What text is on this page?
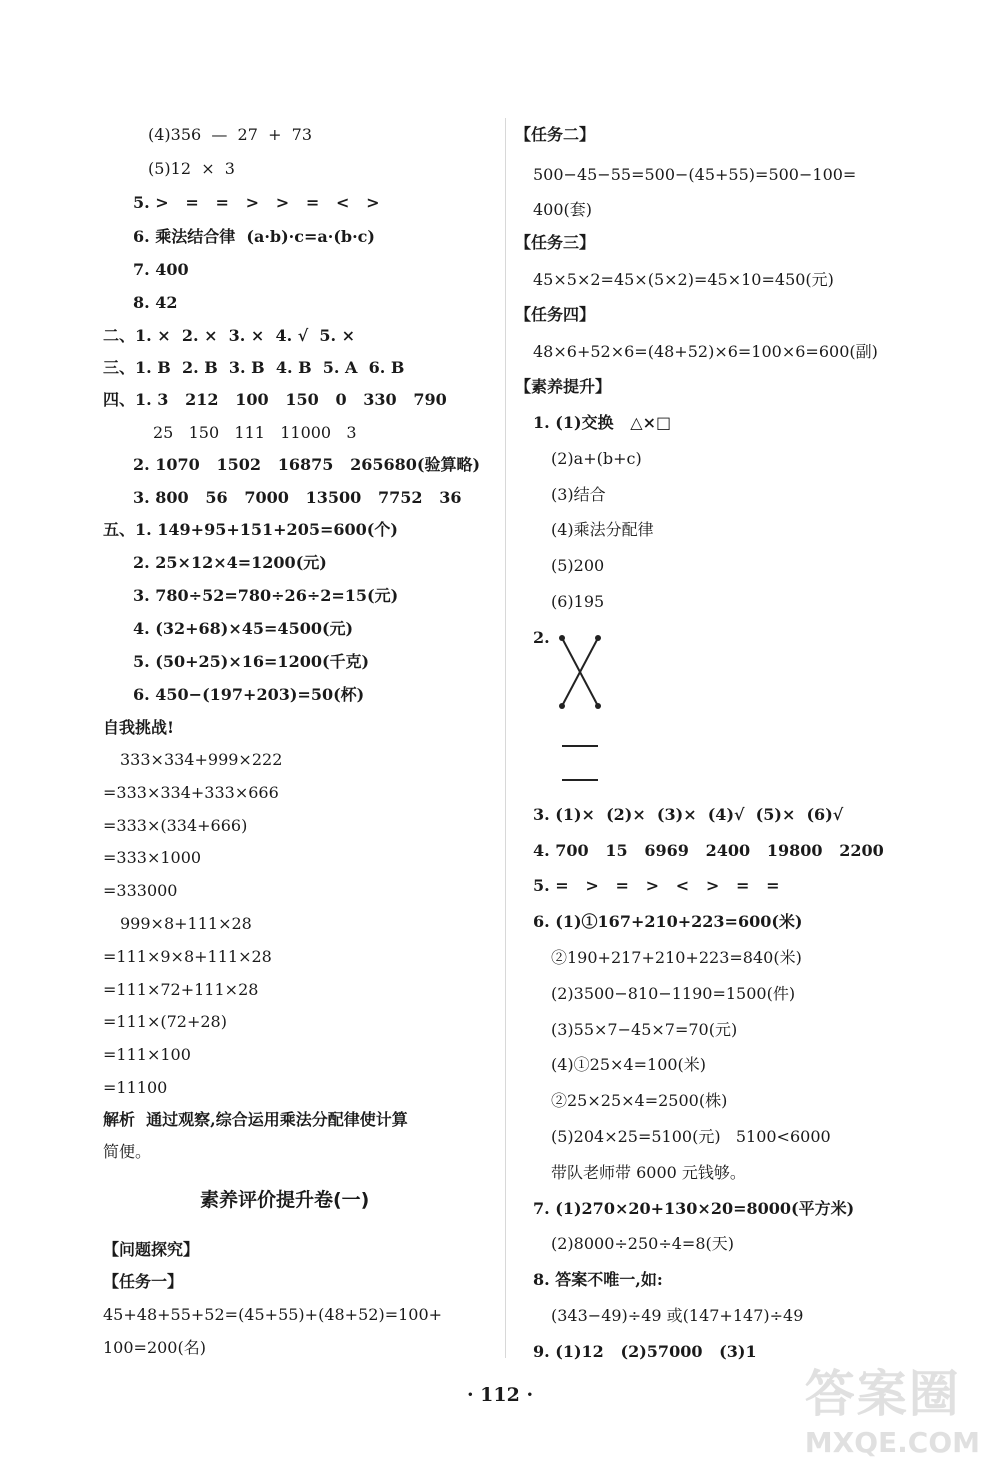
(4)356  —  27  +  73
(5)12  ×  3
5. >   =   =   >   >   =   <   >
6. 乘法结合律  (a·b)·c=a·(b·c)
7. 400
8. 42
二、1. ×  2. ×  3. ×  4. √  5. ×
三、1. B  2. B  3. B  4. B  5. A  6. B
四、1. 3   212   100   150   0   330   790
25   150   111   11000   3
2. 1070   1502   16875   265680(验算略)
3. 800   56   7000   13500   7752   36
五、1. 149+95+151+205=600(个)
2. 25×12×4=1200(元)
3. 780÷52=780÷26÷2=15(元)
4. (32+68)×45=4500(元)
5. (50+25)×16=1200(千克)
6. 450−(197+203)=50(杯)
自我挑战!
333×334+999×222
=333×334+333×666
=333×(334+666)
=333×1000
=333000
999×8+111×28
=111×9×8+111×28
=111×72+111×28
=111×(72+28)
=111×100
=11100
解析  通过观察,综合运用乘法分配律使计算
简便。
素养评价提升卷(一)
【问题探究】
【任务一】
45+48+55+52=(45+55)+(48+52)=100+
100=200(名)
【任务二】
500−45−55=500−(45+55)=500−100=
400(套)
【任务三】
45×5×2=45×(5×2)=45×10=450(元)
【任务四】
48×6+52×6=(48+52)×6=100×6=600(副)
【素养提升】
1. (1)交换   △×□
(2)a+(b+c)
(3)结合
(4)乘法分配律
(5)200
(6)195
2.
3. (1)×  (2)×  (3)×  (4)√  (5)×  (6)√
4. 700   15   6969   2400   19800   2200
5. =   >   =   >   <   >   =   =
6. (1)①167+210+223=600(米)
②190+217+210+223=840(米)
(2)3500−810−1190=1500(件)
(3)55×7−45×7=70(元)
(4)①25×4=100(米)
②25×25×4=2500(株)
(5)204×25=5100(元)   5100<6000
带队老师带 6000 元钱够。
7. (1)270×20+130×20=8000(平方米)
(2)8000÷250÷4=8(天)
8. 答案不唯一,如:
(343−49)÷49 或(147+147)÷49
9. (1)12   (2)57000   (3)1
· 112 ·	答案圈
MXQE.COM
